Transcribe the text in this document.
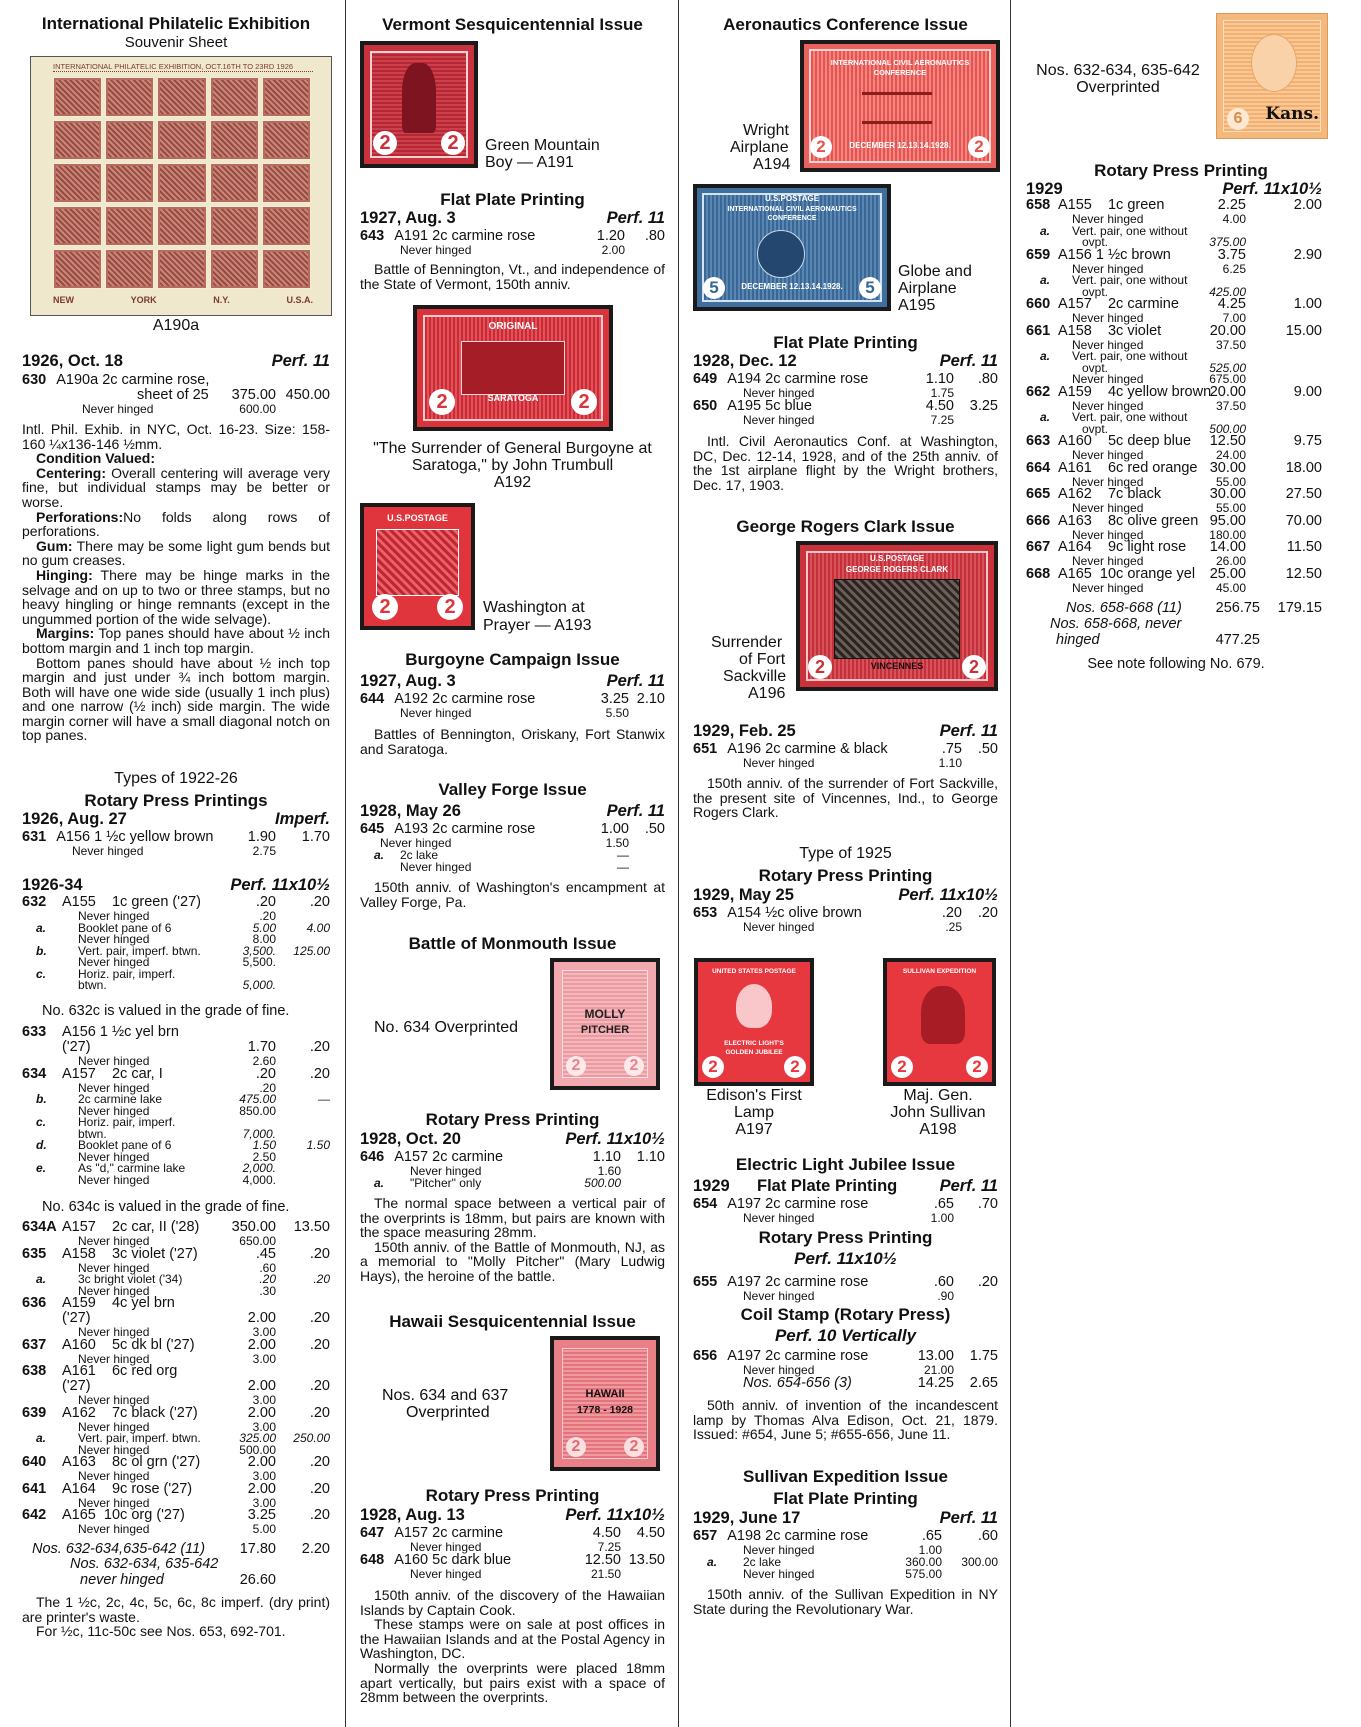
International Philatelic Exhibition
Souvenir Sheet
INTERNATIONAL PHILATELIC EXHIBITION, OCT.16TH TO 23RD 1926
NEW	YORK	N.Y.	U.S.A.
A190a
1926, Oct. 18	Perf. 11
630 A190a 2c carmine rose,
sheet of 25 375.00 450.00
Never hinged	600.00

Intl. Phil. Exhib. in NYC, Oct. 16-23. Size: 158-160 ¼x136-146 ½mm.

Condition Valued:

Centering: Overall centering will average very fine, but individual stamps may be better or worse.

Perforations:No folds along rows of perforations.

Gum: There may be some light gum bends but no gum creases.

Hinging: There may be hinge marks in the selvage and on up to two or three stamps, but no heavy hingling or hinge remnants (except in the ungummed portion of the wide selvage).

Margins: Top panes should have about ½ inch bottom margin and 1 inch top margin.

Bottom panes should have about ½ inch top margin and just under ¾ inch bottom margin. Both will have one wide side (usually 1 inch plus) and one narrow (½ inch) side margin. The wide margin corner will have a small diagonal notch on top panes.

Types of 1922-26
Rotary Press Printings
1926, Aug. 27	Imperf.
631 A156 1 ½c yellow brown 1.90 1.70
Never hinged	2.75
1926-34	Perf. 11x10½
632 A155    1c green ('27)	.20 .20
Never hinged	.20
a.	Booklet pane of 6	5.00	4.00
Never hinged	8.00
b.	Vert. pair, imperf. btwn.	3,500. 125.00
Never hinged	5,500.
c.	Horiz. pair, imperf.
btwn.	5,000.
No. 632c is valued in the grade of fine.
633 A156 1 ½c yel brn
('27)	1.70 .20
Never hinged	2.60
634 A157    2c car, I	.20 .20
Never hinged	.20
b.	2c carmine lake	475.00	—
Never hinged	850.00
c.	Horiz. pair, imperf.
btwn.	7,000.
d.	Booklet pane of 6	1.50	1.50
Never hinged	2.50
e.	As "d," carmine lake	2,000.
Never hinged	4,000.
No. 634c is valued in the grade of fine.
634A A157    2c car, II ('28) 350.00 13.50
Never hinged	650.00
635 A158    3c violet ('27)	.45 .20
Never hinged	.60
a.	3c bright violet ('34)	.20	.20
Never hinged	.30
636 A159    4c yel brn
('27)	2.00 .20
Never hinged	3.00
637 A160    5c dk bl ('27)	2.00 .20
Never hinged	3.00
638 A161    6c red org
('27)	2.00 .20
Never hinged	3.00
639 A162    7c black ('27)	2.00 .20
Never hinged	3.00
a.	Vert. pair, imperf. btwn.	325.00 250.00
Never hinged	500.00
640 A163    8c ol grn ('27)	2.00 .20
Never hinged	3.00
641 A164    9c rose ('27)	2.00 .20
Never hinged	3.00
642 A165  10c org ('27)	3.25 .20
Never hinged	5.00
Nos. 632-634,635-642 (11) 17.80 2.20
Nos. 632-634, 635-642
never hinged	26.60

The 1 ½c, 2c, 4c, 5c, 6c, 8c imperf. (dry print) are printer's waste.

For ½c, 11c-50c see Nos. 653, 692-701.

Vermont Sesquicentennial Issue
2	2	Green Mountain
Boy — A191
Flat Plate Printing
1927, Aug. 3	Perf. 11
643 A191 2c carmine rose	1.20 .80
Never hinged	2.00

Battle of Bennington, Vt., and independence of the State of Vermont, 150th anniv.

ORIGINAL
SARATOGA
2	2
"The Surrender of General Burgoyne at Saratoga," by John Trumbull
A192
U.S.POSTAGE
2	2	Washington at
Prayer — A193
Burgoyne Campaign Issue
1927, Aug. 3	Perf. 11
644 A192 2c carmine rose	3.25 2.10
Never hinged	5.50

Battles of Bennington, Oriskany, Fort Stanwix and Saratoga.

Valley Forge Issue
1928, May 26	Perf. 11
645 A193 2c carmine rose	1.00 .50
Never hinged	1.50
a. 2c lake	—
Never hinged	—

150th anniv. of Washington's encampment at Valley Forge, Pa.

Battle of Monmouth Issue
No. 634 Overprinted
MOLLY
PITCHER
2	2
Rotary Press Printing
1928, Oct. 20	Perf. 11x10½
646 A157 2c carmine	1.10 1.10
Never hinged	1.60
a. "Pitcher" only	500.00

The normal space between a vertical pair of the overprints is 18mm, but pairs are known with the space measuring 28mm.

150th anniv. of the Battle of Monmouth, NJ, as a memorial to "Molly Pitcher" (Mary Ludwig Hays), the heroine of the battle.

Hawaii Sesquicentennial Issue
Nos. 634 and 637
Overprinted
HAWAII
1778 - 1928
2	2
Rotary Press Printing
1928, Aug. 13	Perf. 11x10½
647 A157 2c carmine	4.50 4.50
Never hinged	7.25
648 A160 5c dark blue	12.50 13.50
Never hinged	21.50

150th anniv. of the discovery of the Hawaiian Islands by Captain Cook.

These stamps were on sale at post offices in the Hawaiian Islands and at the Postal Agency in Washington, DC.

Normally the overprints were placed 18mm apart vertically, but pairs exist with a space of 28mm between the overprints.

Aeronautics Conference Issue
Wright
Airplane
A194
INTERNATIONAL CIVIL AERONAUTICS
CONFERENCE
DECEMBER 12.13.14.1928.
2	2
U.S.POSTAGE
INTERNATIONAL CIVIL AERONAUTICS
CONFERENCE
DECEMBER 12.13.14.1928.
5	5
Globe and
Airplane
A195
Flat Plate Printing
1928, Dec. 12	Perf. 11
649 A194 2c carmine rose	1.10 .80
Never hinged	1.75
650 A195 5c blue	4.50 3.25
Never hinged	7.25

Intl. Civil Aeronautics Conf. at Washington, DC, Dec. 12-14, 1928, and of the 25th anniv. of the 1st airplane flight by the Wright brothers, Dec. 17, 1903.

George Rogers Clark Issue
U.S.POSTAGE
GEORGE ROGERS CLARK
VINCENNES
2	2
Surrender
of Fort
Sackville
A196
1929, Feb. 25	Perf. 11
651 A196 2c carmine & black	.75 .50
Never hinged	1.10

150th anniv. of the surrender of Fort Sackville, the present site of Vincennes, Ind., to George Rogers Clark.

Type of 1925
Rotary Press Printing
1929, May 25	Perf. 11x10½
653 A154 ½c olive brown	.20 .20
Never hinged	.25
UNITED STATES POSTAGE
ELECTRIC LIGHT'S
GOLDEN JUBILEE
2	2
SULLIVAN EXPEDITION
2	2
Edison's First
Lamp
A197
Maj. Gen.
John Sullivan
A198
Electric Light Jubilee Issue
1929 Flat Plate Printing	Perf. 11
654 A197 2c carmine rose	.65 .70
Never hinged	1.00
Rotary Press Printing
Perf. 11x10½
655 A197 2c carmine rose	.60 .20
Never hinged	.90
Coil Stamp (Rotary Press)
Perf. 10 Vertically
656 A197 2c carmine rose	13.00 1.75
Never hinged	21.00
Nos. 654-656 (3)	14.25 2.65

50th anniv. of invention of the incandescent lamp by Thomas Alva Edison, Oct. 21, 1879. Issued: #654, June 5; #655-656, June 11.

Sullivan Expedition Issue
Flat Plate Printing
1929, June 17	Perf. 11
657 A198 2c carmine rose	.65 .60
Never hinged	1.00
a. 2c lake	360.00 300.00
Never hinged	575.00

150th anniv. of the Sullivan Expedition in NY State during the Revolutionary War.

Nos. 632-634, 635-642
Overprinted
6	Kans.
Rotary Press Printing
1929	Perf. 11x10½
658 A155    1c green	2.25	2.00
Never hinged	4.00
a. Vert. pair, one without
ovpt.	375.00
659 A156 1 ½c brown	3.75	2.90
Never hinged	6.25
a. Vert. pair, one without
ovpt.	425.00
660 A157    2c carmine	4.25	1.00
Never hinged	7.00
661 A158    3c violet	20.00	15.00
Never hinged	37.50
a. Vert. pair, one without
ovpt.	525.00
Never hinged	675.00
662 A159    4c yellow brown
20.00	9.00
Never hinged	37.50
a. Vert. pair, one without
ovpt.	500.00
663 A160    5c deep blue 12.50	9.75
Never hinged	24.00
664 A161    6c red orange 30.00	18.00
Never hinged	55.00
665 A162    7c black	30.00	27.50
Never hinged	55.00
666 A163    8c olive green 95.00	70.00
Never hinged	180.00
667 A164    9c light rose 14.00	11.50
Never hinged	26.00
668 A165  10c orange yel 25.00	12.50
Never hinged	45.00
Nos. 658-668 (11) 256.75 179.15
Nos. 658-668, never
hinged	477.25
See note following No. 679.
